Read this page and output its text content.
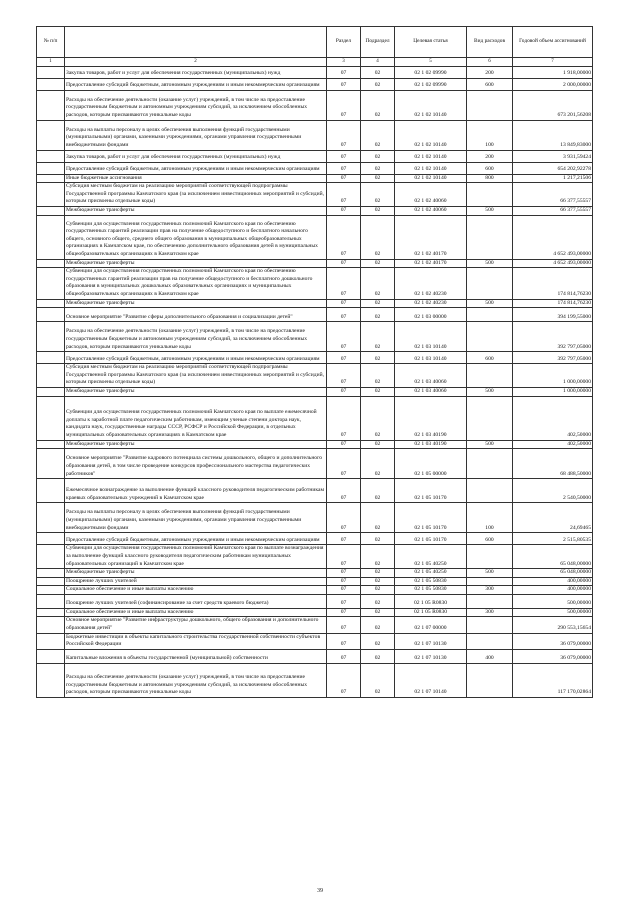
№ п/п		Раздел	Подраздел	Целевая статья	Вид расходов	Годовой объем ассигнований
1	2	3	4	5	6	7
	Закупка товаров, работ и услуг для обеспечения государственных (муниципальных) нужд	07	02	02 1 02 09990	200	1 918,00000
	Предоставление субсидий бюджетным, автономным учреждениям и иным некоммерческим организациям	07	02	02 1 02 09990	600	2 000,00000
	Расходы на обеспечение деятельности (оказание услуг) учреждений, в том числе на предоставление государственным бюджетным и автономным учреждениям субсидий, за исключением обособленных расходов, которым присваиваются уникальные коды	07	02	02 1 02 10140		673 201,56208
	Расходы на выплаты персоналу в целях обеспечения выполнения функций государственными (муниципальными) органами, казенными учреждениями, органами управления государственными внебюджетными фондами	07	02	02 1 02 10140	100	13 849,83000
	Закупка товаров, работ и услуг для обеспечения государственных (муниципальных) нужд	07	02	02 1 02 10140	200	3 931,59424
	Предоставление субсидий бюджетным, автономным учреждениям и иным некоммерческим организациям	07	02	02 1 02 10140	600	654 202,92278
	Иные бюджетные ассигнования	07	02	02 1 02 10140	800	1 217,21506
	Субсидия местным бюджетам на реализацию мероприятий соответствующей подпрограммы Государственной программы Камчатского края (за исключением инвестиционных мероприятий и субсидий, которым присвоены отдельные коды)	07	02	02 1 02 40060		66 377,55557
	Межбюджетные трансферты	07	02	02 1 02 40060	500	66 377,55557
	Субвенции для осуществления государственных полномочий Камчатского края по обеспечению государственных гарантий реализации прав на получение общедоступного и бесплатного начального общего, основного общего, среднего общего образования в муниципальных общеобразовательных организациях в Камчатском крае, по обеспечению дополнительного образования детей в муниципальных общеобразовательных организациях в Камчатском крае	07	02	02 1 02 40170		4 652 493,00000
	Межбюджетные трансферты	07	02	02 1 02 40170	500	4 652 493,00000
	Субвенции для осуществления государственных полномочий Камчатского края по обеспечению государственных гарантий реализации прав на получение общедоступного и бесплатного дошкольного образования в муниципальных дошкольных образовательных организациях и муниципальных общеобразовательных организациях в Камчатском крае	07	02	02 1 02 40230		174 814,76230
	Межбюджетные трансферты	07	02	02 1 02 40230	500	174 814,76230
	Основное мероприятие "Развитие сферы дополнительного образования и социализации детей"	07	02	02 1 03 00000		394 199,55000
	Расходы на обеспечение деятельности (оказание услуг) учреждений, в том числе на предоставление государственным бюджетным и автономным учреждениям субсидий, за исключением обособленных расходов, которым присваиваются уникальные коды	07	02	02 1 03 10140		392 797,05000
	Предоставление субсидий бюджетным, автономным учреждениям и иным некоммерческим организациям	07	02	02 1 03 10140	600	392 797,05000
	Субсидия местным бюджетам на реализацию мероприятий соответствующей подпрограммы Государственной программы Камчатского края (за исключением инвестиционных мероприятий и субсидий, которым присвоены отдельные коды)	07	02	02 1 03 40060		1 000,00000
	Межбюджетные трансферты	07	02	02 1 03 40060	500	1 000,00000
	Субвенции для осуществления государственных полномочий Камчатского края по выплате ежемесячной доплаты к заработной плате педагогическим работникам, имеющим ученые степени доктора наук, кандидата наук, государственные награды СССР, РСФСР и Российской Федерации, в отдельных муниципальных образовательных организациях в Камчатском крае	07	02	02 1 03 40190		402,50000
	Межбюджетные трансферты	07	02	02 1 03 40190	500	402,50000
	Основное мероприятие "Развитие кадрового потенциала системы дошкольного, общего и дополнительного образования детей, в том числе проведение конкурсов профессионального мастерства педагогических работников"	07	02	02 1 05 00000		68 488,50000
	Ежемесячное вознаграждение за выполнение функций классного руководителя педагогическим работникам краевых образовательных учреждений в Камчатском крае	07	02	02 1 05 10170		2 540,50000
	Расходы на выплаты персоналу в целях обеспечения выполнения функций государственными (муниципальными) органами, казенными учреждениями, органами управления государственными внебюджетными фондами	07	02	02 1 05 10170	100	24,69465
	Предоставление субсидий бюджетным, автономным учреждениям и иным некоммерческим организациям	07	02	02 1 05 10170	600	2 515,80535
	Субвенции для осуществления государственных полномочий Камчатского края по выплате вознаграждения за выполнение функций классного руководителя педагогическим работникам муниципальных образовательных организаций в Камчатском крае	07	02	02 1 05 40250		65 048,00000
	Межбюджетные трансферты	07	02	02 1 05 40250	500	65 048,00000
	Поощрение лучших учителей	07	02	02 1 05 50830		400,00000
	Социальное обеспечение и иные выплаты населению	07	02	02 1 05 50830	300	400,00000
	Поощрение лучших учителей (софинансирование за счет средств краевого бюджета)	07	02	02 1 05 R0830		500,00000
	Социальное обеспечение и иные выплаты населению	07	02	02 1 05 R0830	300	500,00000
	Основное мероприятие "Развитие инфраструктуры дошкольного, общего образования и дополнительного образования детей"	07	02	02 1 07 00000		290 553,15654
	Бюджетные инвестиции в объекты капитального строительства государственной собственности субъектов Российской Федерации	07	02	02 1 07 10130		36 079,00000
	Капитальные вложения в объекты государственной (муниципальной) собственности	07	02	02 1 07 10130	400	36 079,00000
	Расходы на обеспечение деятельности (оказание услуг) учреждений, в том числе на предоставление государственным бюджетным и автономным учреждениям субсидий, за исключением обособленных расходов, которым присваиваются уникальные коды	07	02	02 1 07 10140		117 170,02864
39
